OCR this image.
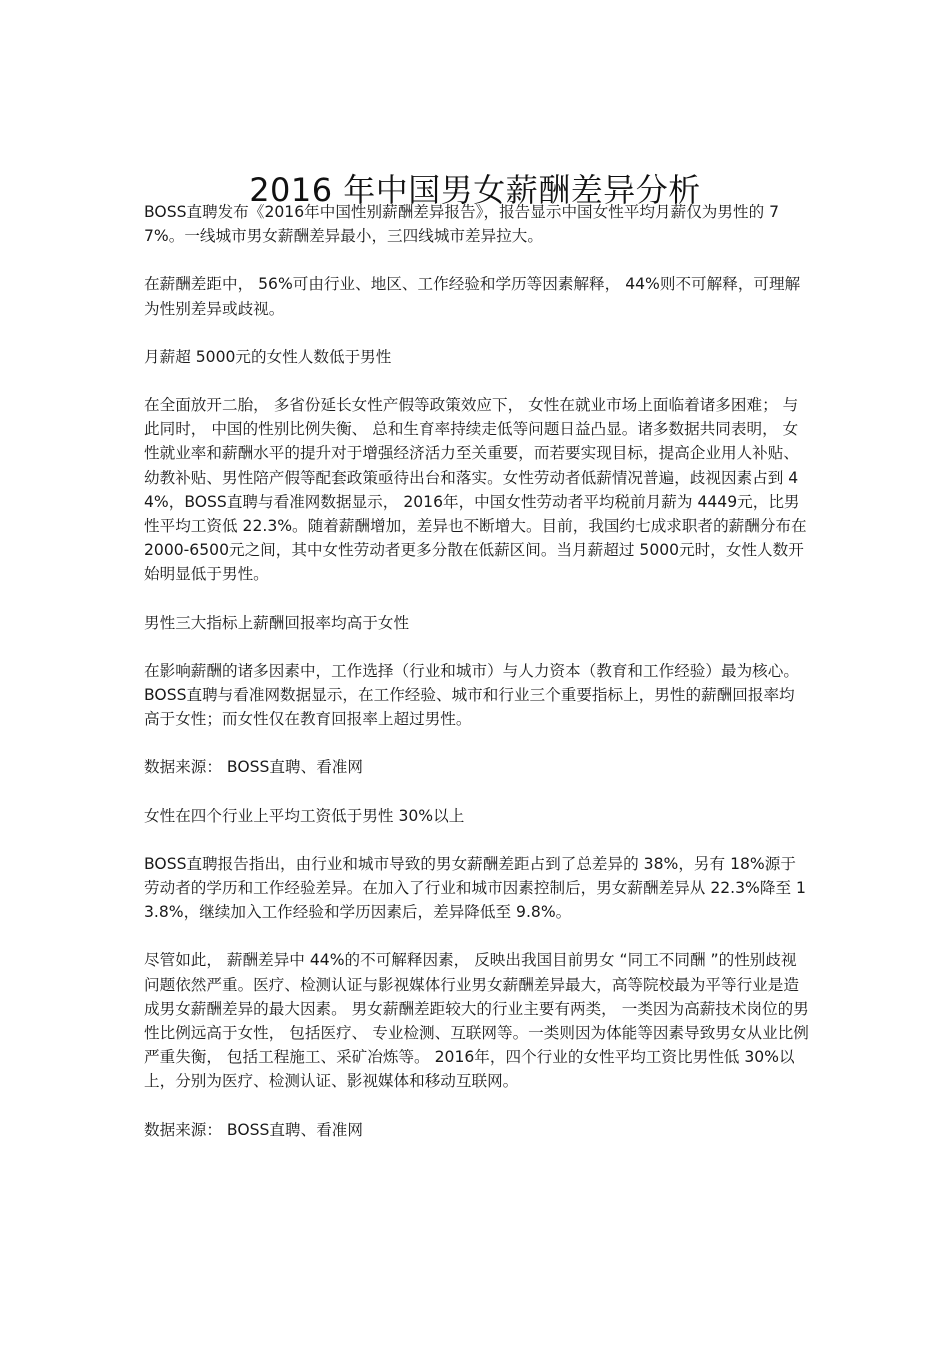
2016 年中国男女薪酬差异分析

BOSS直聘发布《2016年中国性别薪酬差异报告》，报告显示中国女性平均月薪仅为男性的 77%。一线城市男女薪酬差异最小，三四线城市差异拉大。

在薪酬差距中， 56%可由行业、地区、工作经验和学历等因素解释， 44%则不可解释，可理解为性别差异或歧视。

月薪超 5000元的女性人数低于男性

在全面放开二胎， 多省份延长女性产假等政策效应下， 女性在就业市场上面临着诸多困难； 与此同时， 中国的性别比例失衡、 总和生育率持续走低等问题日益凸显。诸多数据共同表明， 女性就业率和薪酬水平的提升对于增强经济活力至关重要，而若要实现目标，提高企业用人补贴、幼教补贴、男性陪产假等配套政策亟待出台和落实。女性劳动者低薪情况普遍，歧视因素占到 44%，BOSS直聘与看准网数据显示， 2016年，中国女性劳动者平均税前月薪为 4449元，比男性平均工资低 22.3%。随着薪酬增加，差异也不断增大。目前，我国约七成求职者的薪酬分布在 2000-6500元之间，其中女性劳动者更多分散在低薪区间。当月薪超过 5000元时，女性人数开始明显低于男性。

男性三大指标上薪酬回报率均高于女性

在影响薪酬的诸多因素中，工作选择（行业和城市）与人力资本（教育和工作经验）最为核心。 BOSS直聘与看准网数据显示，在工作经验、城市和行业三个重要指标上，男性的薪酬回报率均高于女性；而女性仅在教育回报率上超过男性。

数据来源： BOSS直聘、看准网

女性在四个行业上平均工资低于男性 30%以上

BOSS直聘报告指出，由行业和城市导致的男女薪酬差距占到了总差异的 38%，另有 18%源于劳动者的学历和工作经验差异。在加入了行业和城市因素控制后，男女薪酬差异从 22.3%降至 13.8%，继续加入工作经验和学历因素后，差异降低至 9.8%。

尽管如此， 薪酬差异中 44%的不可解释因素， 反映出我国目前男女 “同工不同酬 ”的性别歧视问题依然严重。医疗、检测认证与影视媒体行业男女薪酬差异最大，高等院校最为平等行业是造成男女薪酬差异的最大因素。 男女薪酬差距较大的行业主要有两类， 一类因为高薪技术岗位的男性比例远高于女性， 包括医疗、 专业检测、互联网等。一类则因为体能等因素导致男女从业比例严重失衡， 包括工程施工、采矿冶炼等。 2016年，四个行业的女性平均工资比男性低 30%以上，分别为医疗、检测认证、影视媒体和移动互联网。

数据来源： BOSS直聘、看准网
